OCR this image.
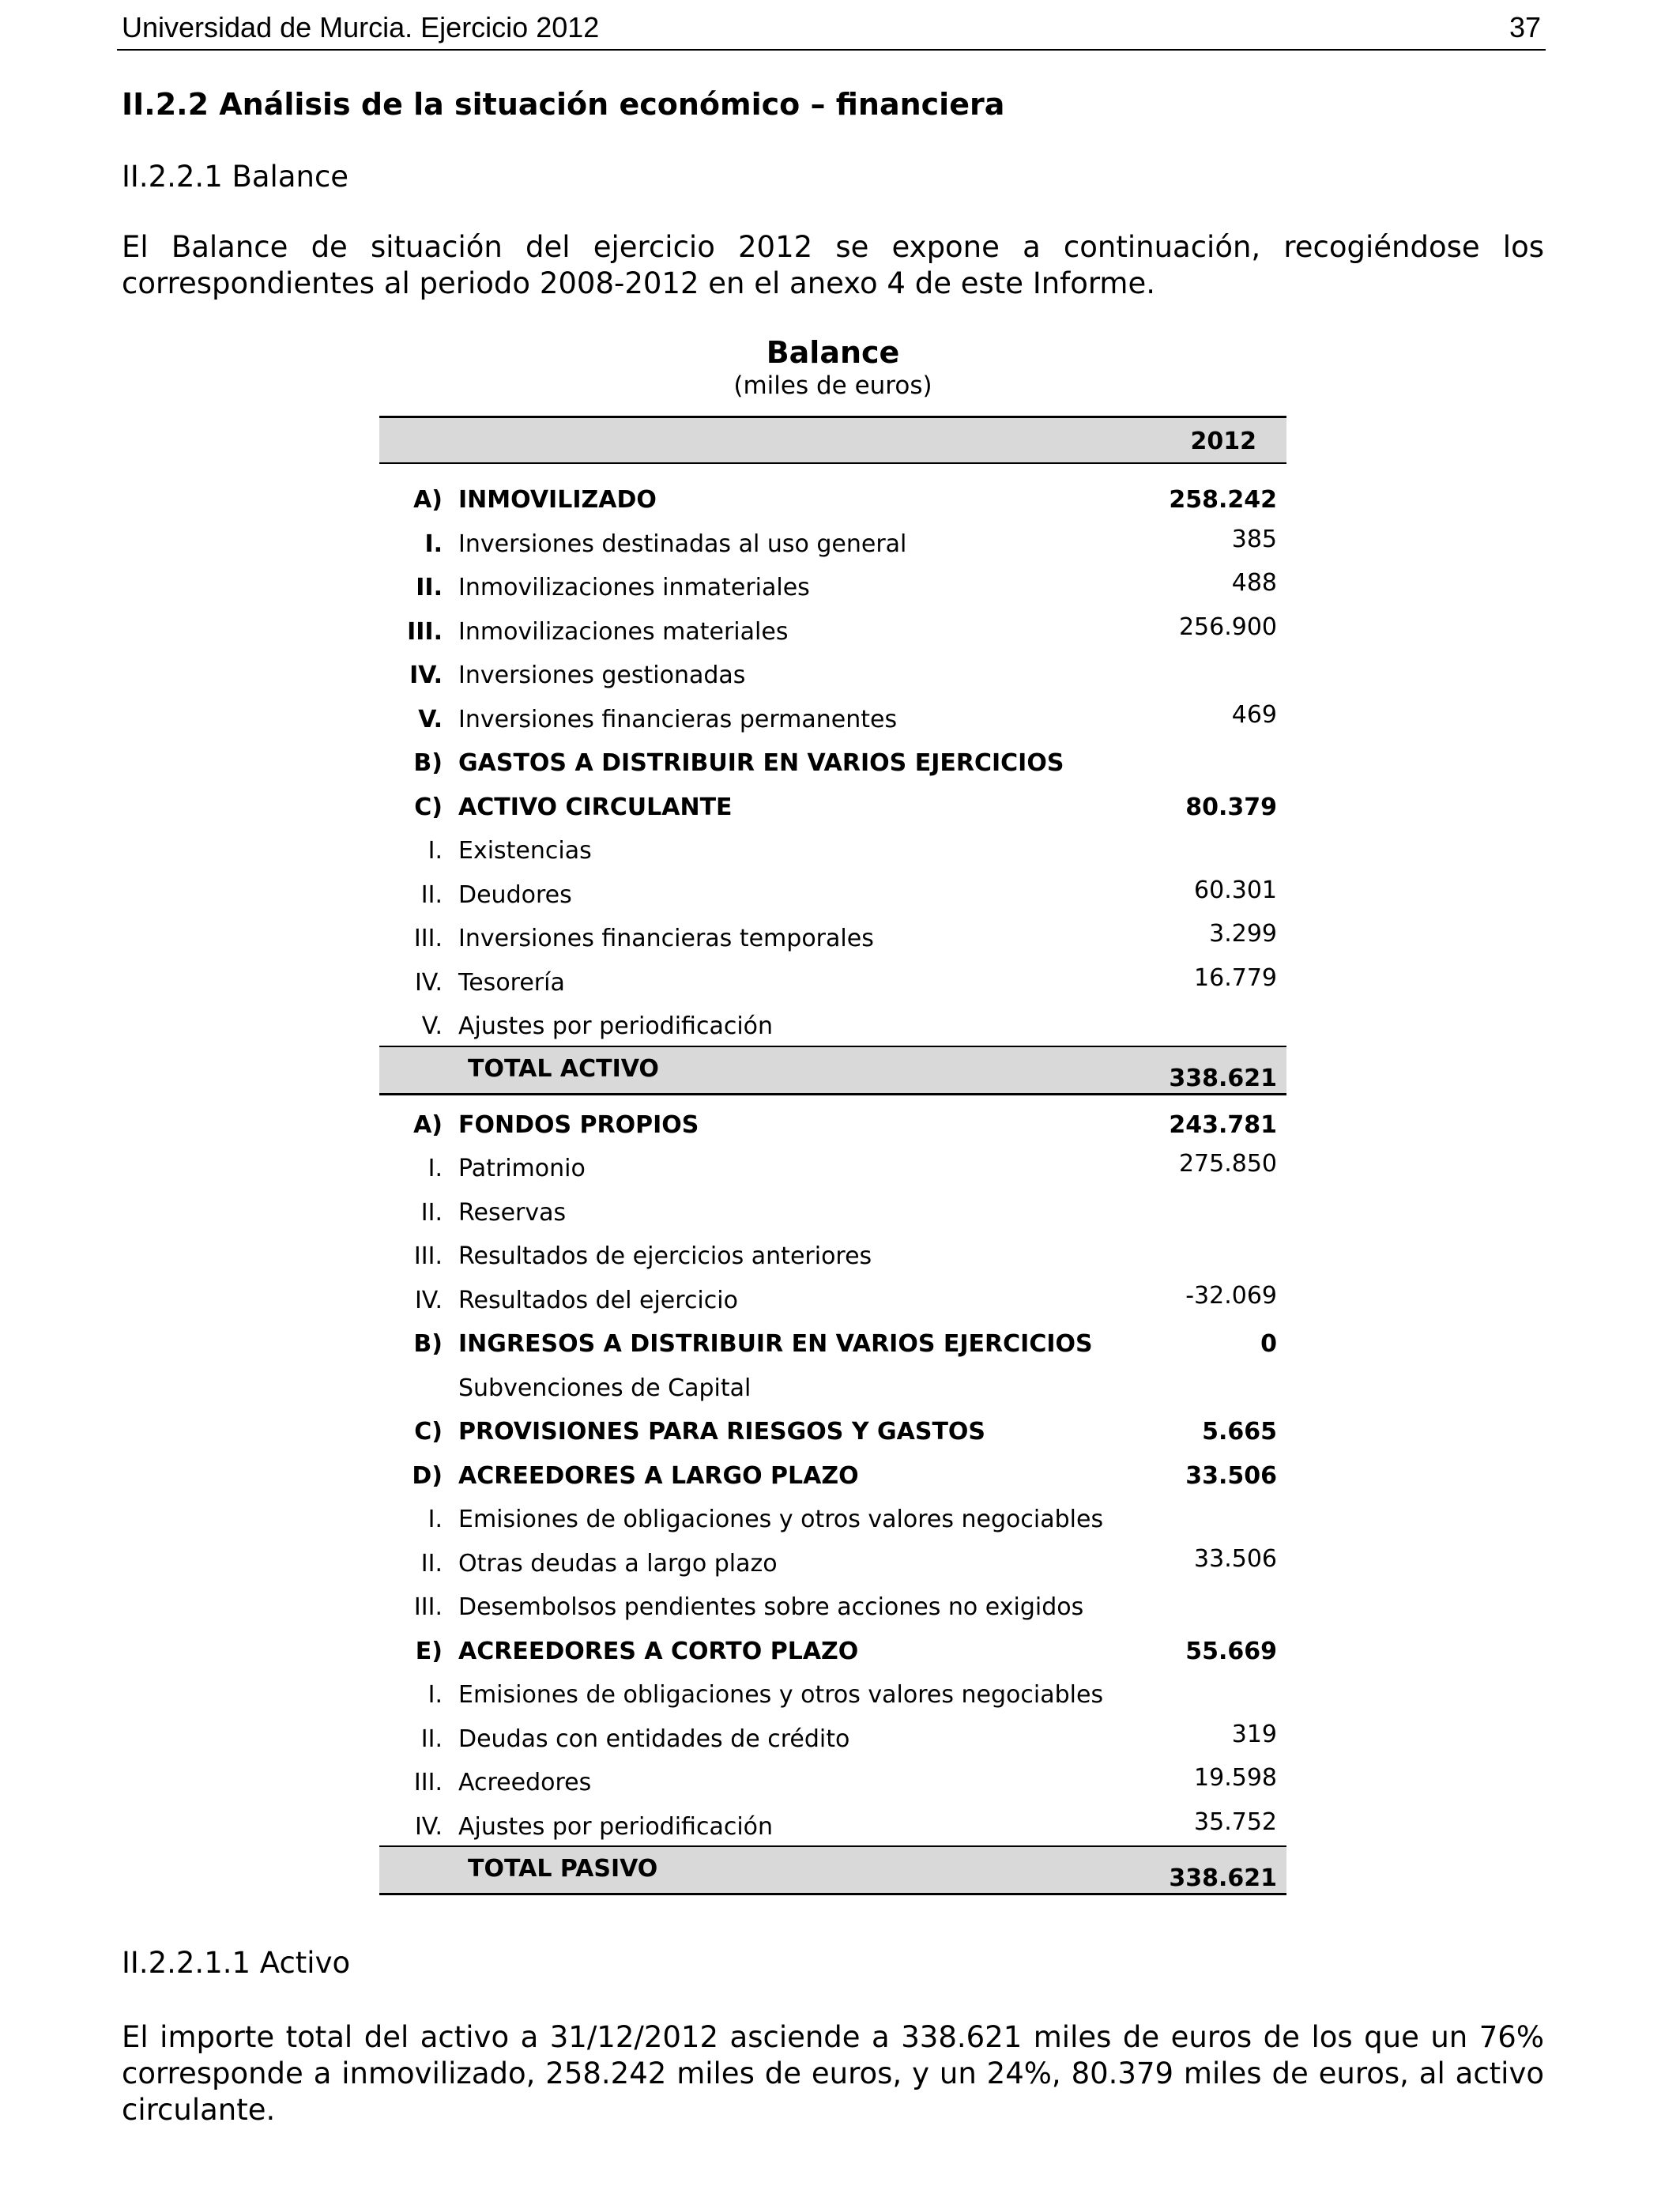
Universidad de Murcia. Ejercicio 2012	37
II.2.2 Análisis de la situación económico – financiera
II.2.2.1 Balance
El Balance de situación del ejercicio 2012 se expone a continuación, recogiéndose los correspondientes al periodo 2008-2012 en el anexo 4 de este Informe.
Balance
(miles de euros)
2012
A) INMOVILIZADO	258.242
I. Inversiones destinadas al uso general	385
II. Inmovilizaciones inmateriales	488
III. Inmovilizaciones materiales	256.900
IV. Inversiones gestionadas
V. Inversiones financieras permanentes	469
B) GASTOS A DISTRIBUIR EN VARIOS EJERCICIOS
C) ACTIVO CIRCULANTE	80.379
I. Existencias
II. Deudores	60.301
III. Inversiones financieras temporales	3.299
IV. Tesorería	16.779
V. Ajustes por periodificación
TOTAL ACTIVO	338.621
A) FONDOS PROPIOS	243.781
I. Patrimonio	275.850
II. Reservas
III. Resultados de ejercicios anteriores
IV. Resultados del ejercicio	-32.069
B) INGRESOS A DISTRIBUIR EN VARIOS EJERCICIOS	0
Subvenciones de Capital
C) PROVISIONES PARA RIESGOS Y GASTOS	5.665
D) ACREEDORES A LARGO PLAZO	33.506
I. Emisiones de obligaciones y otros valores negociables
II. Otras deudas a largo plazo	33.506
III. Desembolsos pendientes sobre acciones no exigidos
E) ACREEDORES A CORTO PLAZO	55.669
I. Emisiones de obligaciones y otros valores negociables
II. Deudas con entidades de crédito	319
III. Acreedores	19.598
IV. Ajustes por periodificación	35.752
TOTAL PASIVO	338.621
II.2.2.1.1 Activo
El importe total del activo a 31/12/2012 asciende a 338.621 miles de euros de los que un 76% corresponde a inmovilizado, 258.242 miles de euros, y un 24%, 80.379 miles de euros, al activo circulante.
